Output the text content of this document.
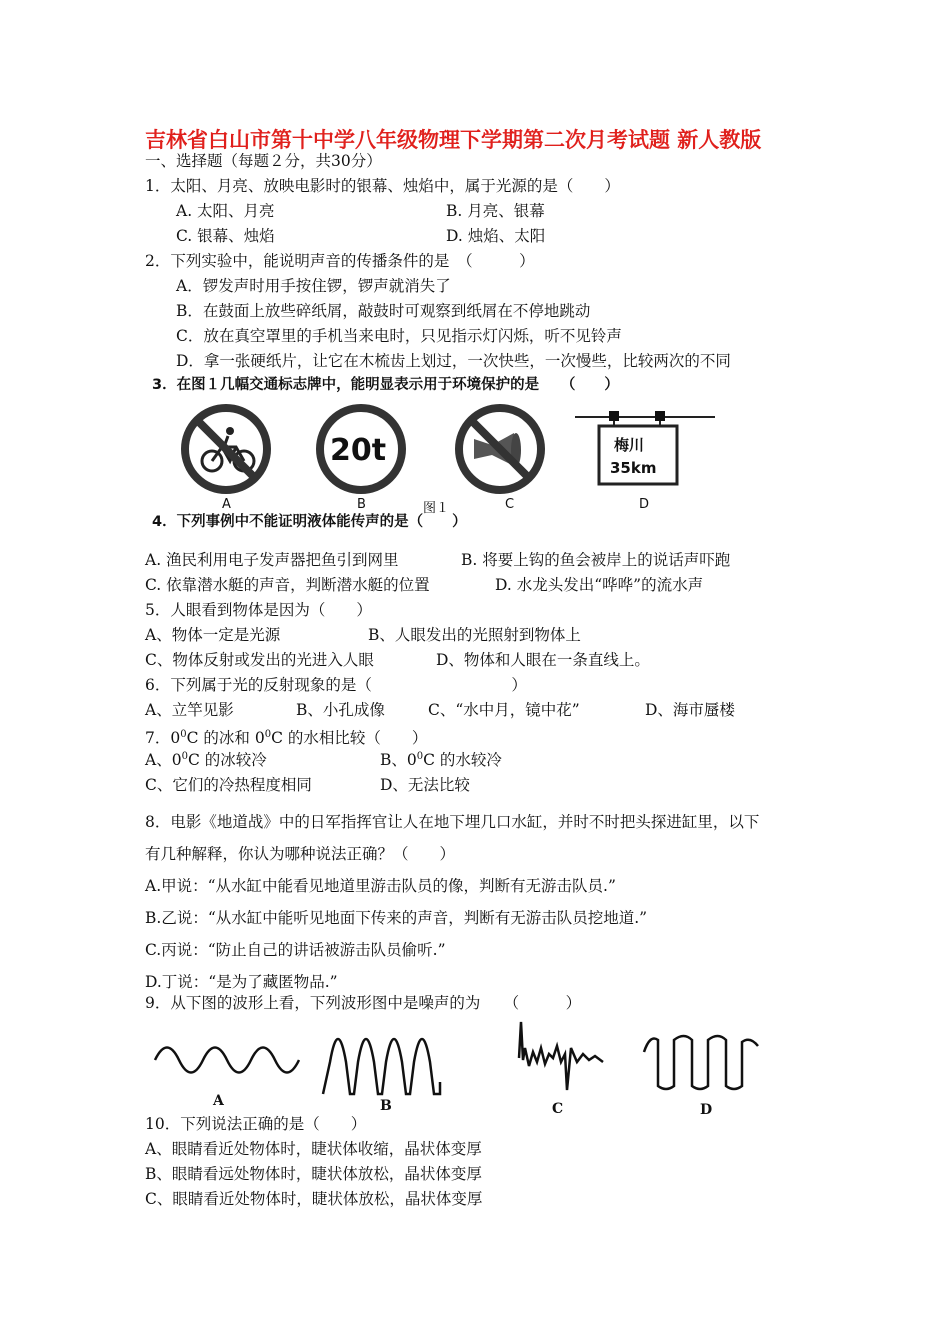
吉林省白山市第十中学八年级物理下学期第二次月考试题 新人教版
一、选择题（每题２分，共30分）
1．太阳、月亮、放映电影时的银幕、烛焰中，属于光源的是（　　）
A. 太阳、月亮	B. 月亮、银幕
C. 银幕、烛焰	D. 烛焰、太阳
2．下列实验中，能说明声音的传播条件的是　（　　　）
A．锣发声时用手按住锣，锣声就消失了
B．在鼓面上放些碎纸屑，敲鼓时可观察到纸屑在不停地跳动
C．放在真空罩里的手机当来电时，只见指示灯闪烁，听不见铃声
D．拿一张硬纸片，让它在木梳齿上划过，一次快些，一次慢些，比较两次的不同
3．在图１几幅交通标志牌中，能明显表示用于环境保护的是　　（　　）
A
20t
B	图１	C
梅川
35km
D
4．下列事例中不能证明液体能传声的是（　　）
A. 渔民利用电子发声器把鱼引到网里	B. 将要上钩的鱼会被岸上的说话声吓跑
C. 依靠潜水艇的声音，判断潜水艇的位置	D. 水龙头发出“哗哗”的流水声
5．人眼看到物体是因为（　　）
A、物体一定是光源	B、人眼发出的光照射到物体上
C、物体反射或发出的光进入人眼	D、物体和人眼在一条直线上。
6．下列属于光的反射现象的是（　　　　　　　　　）
A、立竿见影	B、小孔成像	C、“水中月，镜中花”	D、海市蜃楼
7．$0^0C$ 的冰和 $0^0C$ 的水相比较（　　）
A、$0^0C$ 的冰较冷	B、$0^0C$ 的水较冷
C、它们的冷热程度相同	D、无法比较
8．电影《地道战》中的日军指挥官让人在地下埋几口水缸，并时不时把头探进缸里，以下
有几种解释，你认为哪种说法正确？（　　）
A.甲说：“从水缸中能看见地道里游击队员的像，判断有无游击队员.”
B.乙说：“从水缸中能听见地面下传来的声音，判断有无游击队员挖地道.”
C.丙说：“防止自己的讲话被游击队员偷听.”
D.丁说：“是为了藏匿物品.”
9．从下图的波形上看，下列波形图中是噪声的为　　（　　　）
A	B	C	D
10．下列说法正确的是（　　）
A、眼睛看近处物体时，睫状体收缩，晶状体变厚
B、眼睛看远处物体时，睫状体放松，晶状体变厚
C、眼睛看近处物体时，睫状体放松，晶状体变厚
